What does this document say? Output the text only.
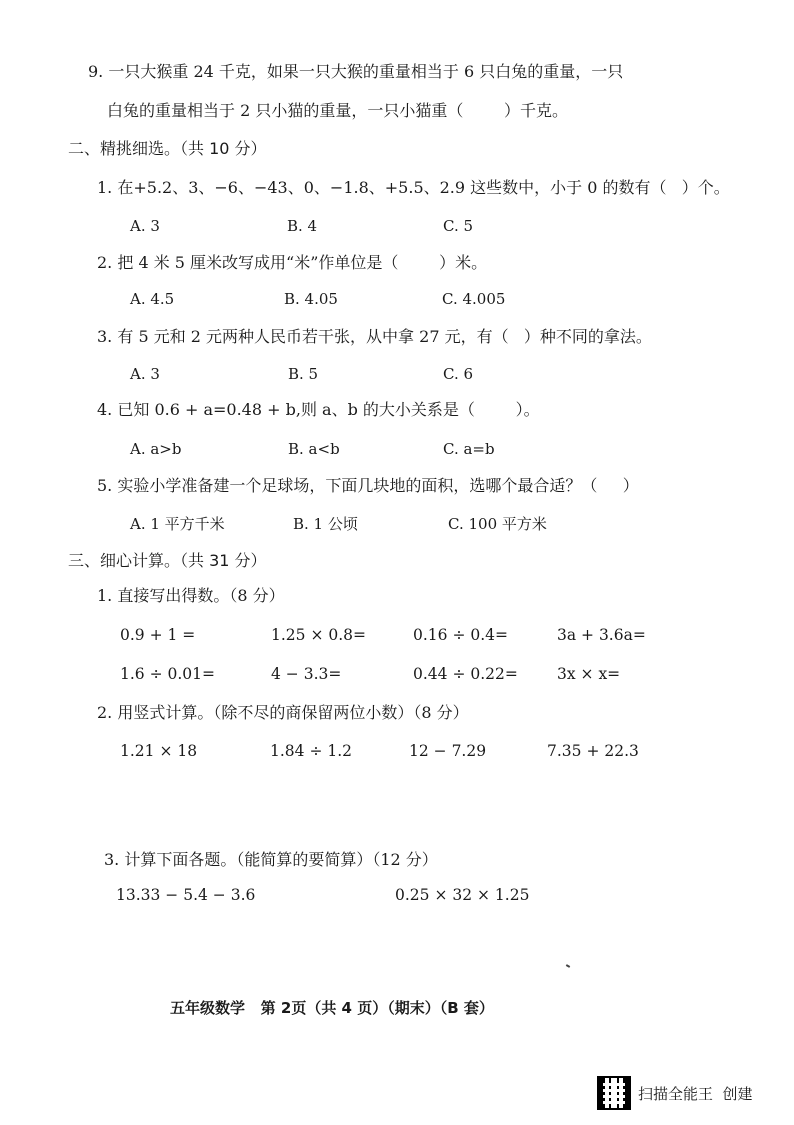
9. 一只大猴重 24 千克，如果一只大猴的重量相当于 6 只白兔的重量，一只
白兔的重量相当于 2 只小猫的重量，一只小猫重（        ）千克。
二、精挑细选。（共 10 分）
1. 在+5.2、3、−6、−43、0、−1.8、+5.5、2.9 这些数中，小于 0 的数有（   ）个。
A. 3	B. 4	C. 5
2. 把 4 米 5 厘米改写成用“米”作单位是（        ）米。
A. 4.5	B. 4.05	C. 4.005
3. 有 5 元和 2 元两种人民币若干张，从中拿 27 元，有（   ）种不同的拿法。
A. 3	B. 5	C. 6
4. 已知 0.6 + a=0.48 + b,则 a、b 的大小关系是（        ）。
A. a>b	B. a<b	C. a=b
5. 实验小学准备建一个足球场，下面几块地的面积，选哪个最合适？（     ）
A. 1 平方千米	B. 1 公顷	C. 100 平方米
三、细心计算。（共 31 分）
1. 直接写出得数。（8 分）
0.9 + 1 =	1.25 × 0.8=	0.16 ÷ 0.4=	3a + 3.6a=
1.6 ÷ 0.01=	4 − 3.3=	0.44 ÷ 0.22=	3x × x=
2. 用竖式计算。（除不尽的商保留两位小数）（8 分）
1.21 × 18	1.84 ÷ 1.2	12 − 7.29	7.35 + 22.3
3. 计算下面各题。（能简算的要简算）（12 分）
13.33 − 5.4 − 3.6	0.25 × 32 × 1.25
五年级数学   第 2页（共 4 页）（期末）（B 套）
扫描全能王  创建
